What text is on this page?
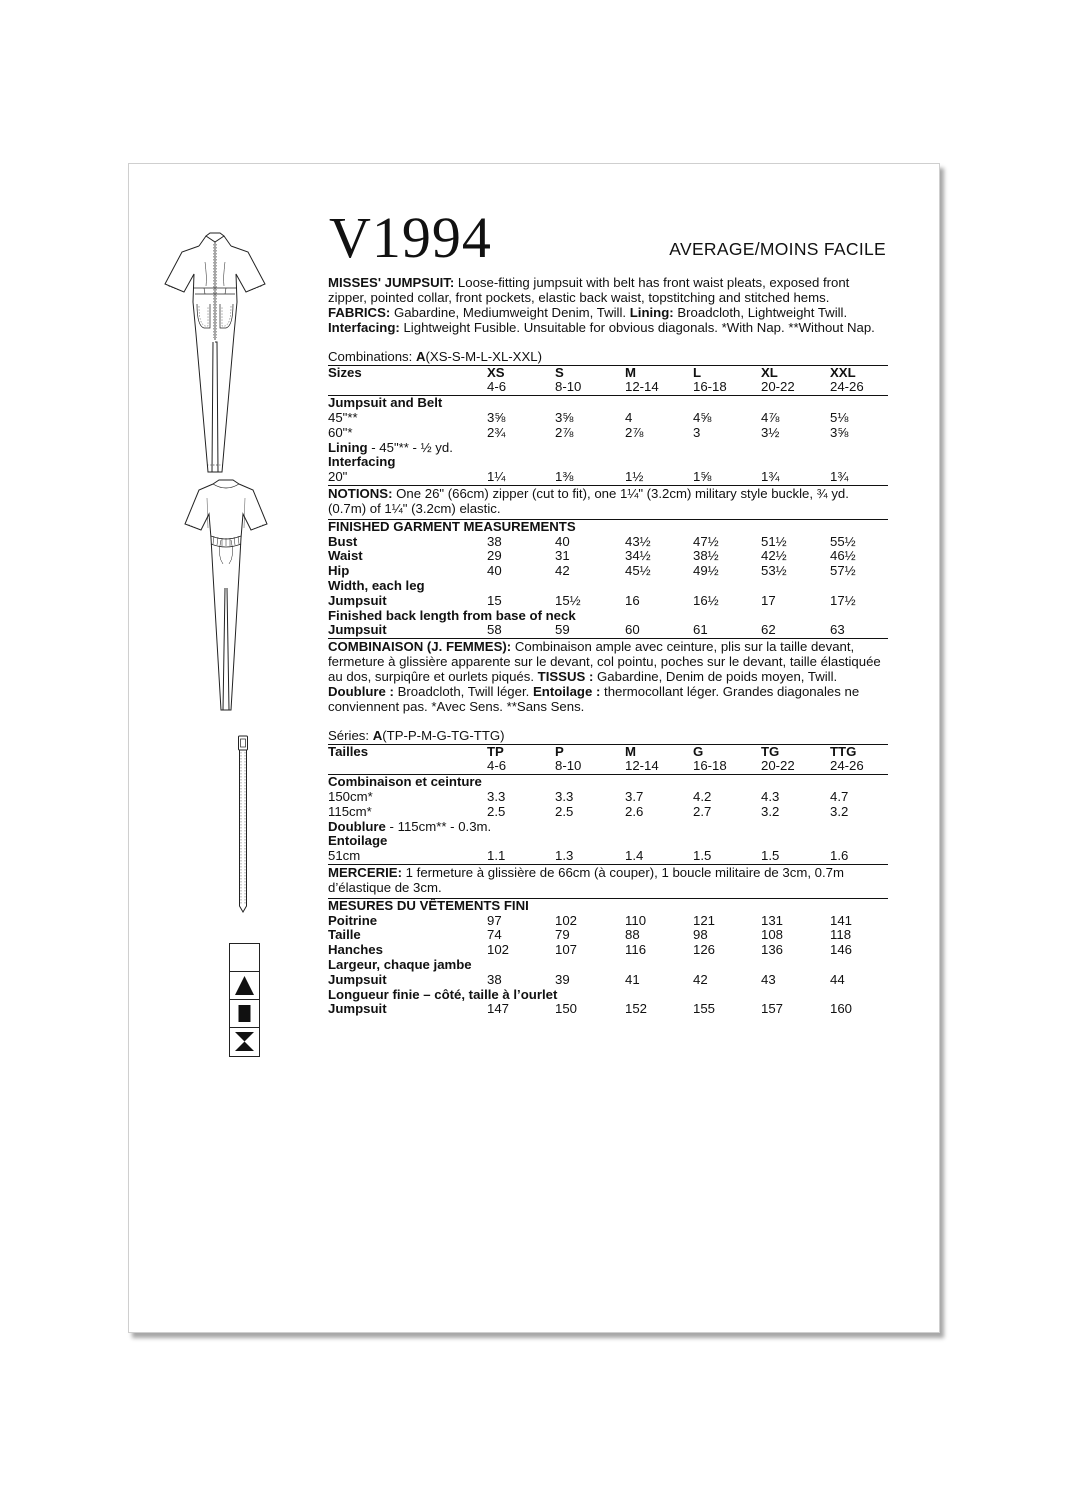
V1994	AVERAGE/MOINS FACILE

MISSES' JUMPSUIT: Loose-fitting jumpsuit with belt has front waist pleats, exposed front zipper, pointed collar, front pockets, elastic back waist, topstitching and stitched hems. FABRICS: Gabardine, Mediumweight Denim, Twill. Lining: Broadcloth, Lightweight Twill. Interfacing: Lightweight Fusible. Unsuitable for obvious diagonals. *With Nap. **Without Nap.

Combinations: A(XS-S-M-L-XL-XXL)
Sizes	XS	S	M	L	XL	XXL
	4-6	8-10	12-14	16-18	20-22	24-26
Jumpsuit and Belt						
45"**	3⅝	3⅝	4	4⅝	4⅞	5⅛
60"*	2¾	2⅞	2⅞	3	3½	3⅝
Lining - 45"** - ½ yd.						
Interfacing						
20"	1¼	1⅜	1½	1⅝	1¾	1¾

NOTIONS: One 26" (66cm) zipper (cut to fit), one 1¼" (3.2cm) military style buckle, ¾ yd. (0.7m) of 1¼" (3.2cm) elastic.

FINISHED GARMENT MEASUREMENTS						
Bust	38	40	43½	47½	51½	55½
Waist	29	31	34½	38½	42½	46½
Hip	40	42	45½	49½	53½	57½
Width, each leg						
Jumpsuit	15	15½	16	16½	17	17½
Finished back length from base of neck						
Jumpsuit	58	59	60	61	62	63

COMBINAISON (J. FEMMES): Combinaison ample avec ceinture, plis sur la taille devant, fermeture à glissière apparente sur le devant, col pointu, poches sur le devant, taille élastiquée au dos, surpiqûre et ourlets piqués. TISSUS : Gabardine, Denim de poids moyen, Twill. Doublure : Broadcloth, Twill léger. Entoilage : thermocollant léger. Grandes diagonales ne conviennent pas. *Avec Sens. **Sans Sens.

Séries: A(TP-P-M-G-TG-TTG)
Tailles	TP	P	M	G	TG	TTG
	4-6	8-10	12-14	16-18	20-22	24-26
Combinaison et ceinture						
150cm*	3.3	3.3	3.7	4.2	4.3	4.7
115cm*	2.5	2.5	2.6	2.7	3.2	3.2
Doublure - 115cm** - 0.3m.						
Entoilage						
51cm	1.1	1.3	1.4	1.5	1.5	1.6

MERCERIE: 1 fermeture à glissière de 66cm (à couper), 1 boucle militaire de 3cm, 0.7m d’élastique de 3cm.

MESURES DU VÊTEMENTS FINI						
Poitrine	97	102	110	121	131	141
Taille	74	79	88	98	108	118
Hanches	102	107	116	126	136	146
Largeur, chaque jambe						
Jumpsuit	38	39	41	42	43	44
Longueur finie – côté, taille à l’ourlet						
Jumpsuit	147	150	152	155	157	160
